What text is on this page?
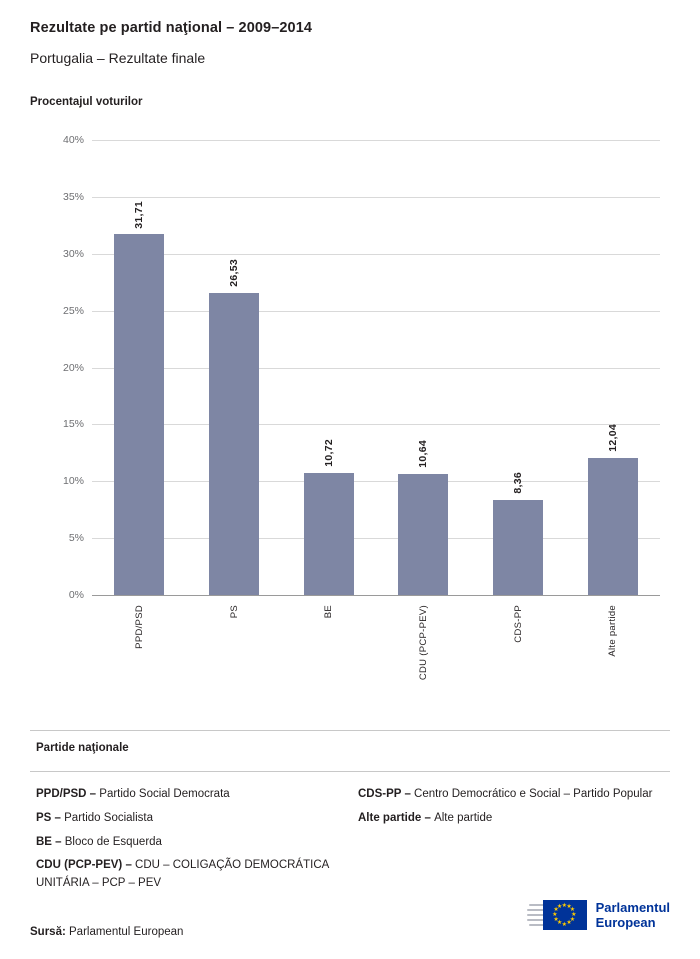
Rezultate pe partid naţional – 2009–2014
Portugalia – Rezultate finale
Procentajul voturilor
0%
5%
10%
15%
20%
25%
30%
35%
40%
31,71
PPD/PSD
26,53
PS
10,72
BE
10,64
CDU (PCP-PEV)
8,36
CDS-PP
12,04
Alte partide
Partide naţionale
PPD/PSD – Partido Social Democrata
PS – Partido Socialista
BE – Bloco de Esquerda
CDU (PCP-PEV) – CDU – COLIGAÇÃO DEMOCRÁTICA UNITÁRIA – PCP – PEV
CDS-PP – Centro Democrático e Social – Partido Popular
Alte partide – Alte partide
Sursă: Parlamentul European
★ ★
★
★
★
★
★
★
★
★
★
★	Parlamentul
European
